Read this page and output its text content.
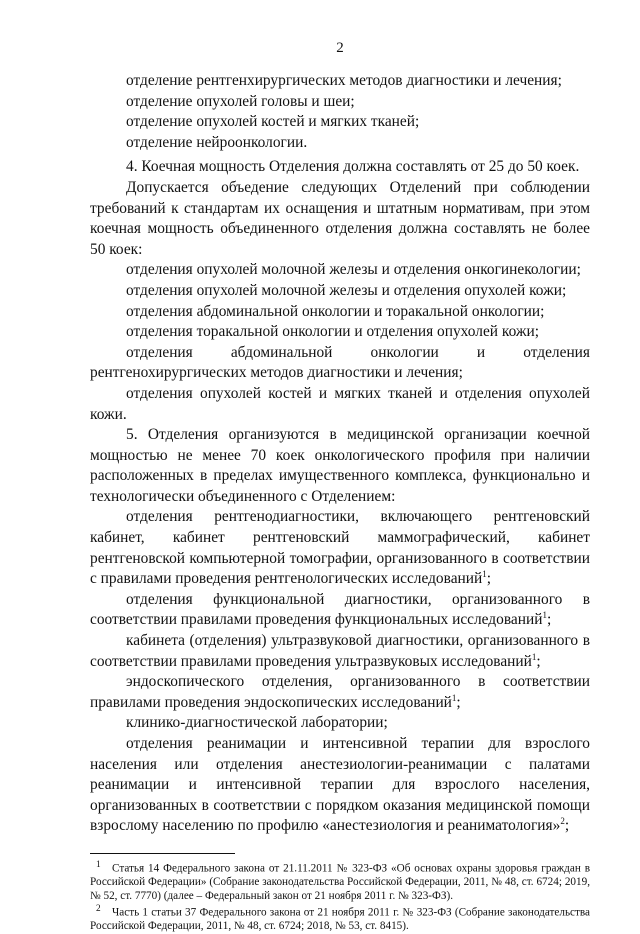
2

отделение рентгенхирургических методов диагностики и лечения;

отделение опухолей головы и шеи;

отделение опухолей костей и мягких тканей;

отделение нейроонкологии.

4. Коечная мощность Отделения должна составлять от 25 до 50 коек.

Допускается объедение следующих Отделений при соблюдении требований к стандартам их оснащения и штатным нормативам, при этом коечная мощность объединенного отделения должна составлять не более 50 коек:

отделения опухолей молочной железы и отделения онкогинекологии;

отделения опухолей молочной железы и отделения опухолей кожи;

отделения абдоминальной онкологии и торакальной онкологии;

отделения торакальной онкологии и отделения опухолей кожи;

отделения абдоминальной онкологии и отделения рентгенохирургических методов диагностики и лечения;

отделения опухолей костей и мягких тканей и отделения опухолей кожи.

5. Отделения организуются в медицинской организации коечной мощностью не менее 70 коек онкологического профиля при наличии расположенных в пределах имущественного комплекса, функционально и технологически объединенного с Отделением:

отделения рентгенодиагностики, включающего рентгеновский кабинет, кабинет рентгеновский маммографический, кабинет рентгеновской компьютерной томографии, организованного в соответствии с правилами проведения рентгенологических исследований$^1$;

отделения функциональной диагностики, организованного в соответствии правилами проведения функциональных исследований$^1$;

кабинета (отделения) ультразвуковой диагностики, организованного в соответствии правилами проведения ультразвуковых исследований$^1$;

эндоскопического отделения, организованного в соответствии правилами проведения эндоскопических исследований$^1$;

клинико-диагностической лаборатории;

отделения реанимации и интенсивной терапии для взрослого населения или отделения анестезиологии-реанимации с палатами реанимации и интенсивной терапии для взрослого населения, организованных в соответствии с порядком оказания медицинской помощи взрослому населению по профилю «анестезиология и реаниматология»$^2$;

$^1$ Статья 14 Федерального закона от 21.11.2011 № 323-ФЗ «Об основах охраны здоровья граждан в Российской Федерации» (Собрание законодательства Российской Федерации, 2011, № 48, ст. 6724; 2019, № 52, ст. 7770) (далее – Федеральный закон от 21 ноября 2011 г. № 323-ФЗ).

$^2$ Часть 1 статьи 37 Федерального закона от 21 ноября 2011 г. № 323-ФЗ (Собрание законодательства Российской Федерации, 2011, № 48, ст. 6724; 2018, № 53, ст. 8415).
